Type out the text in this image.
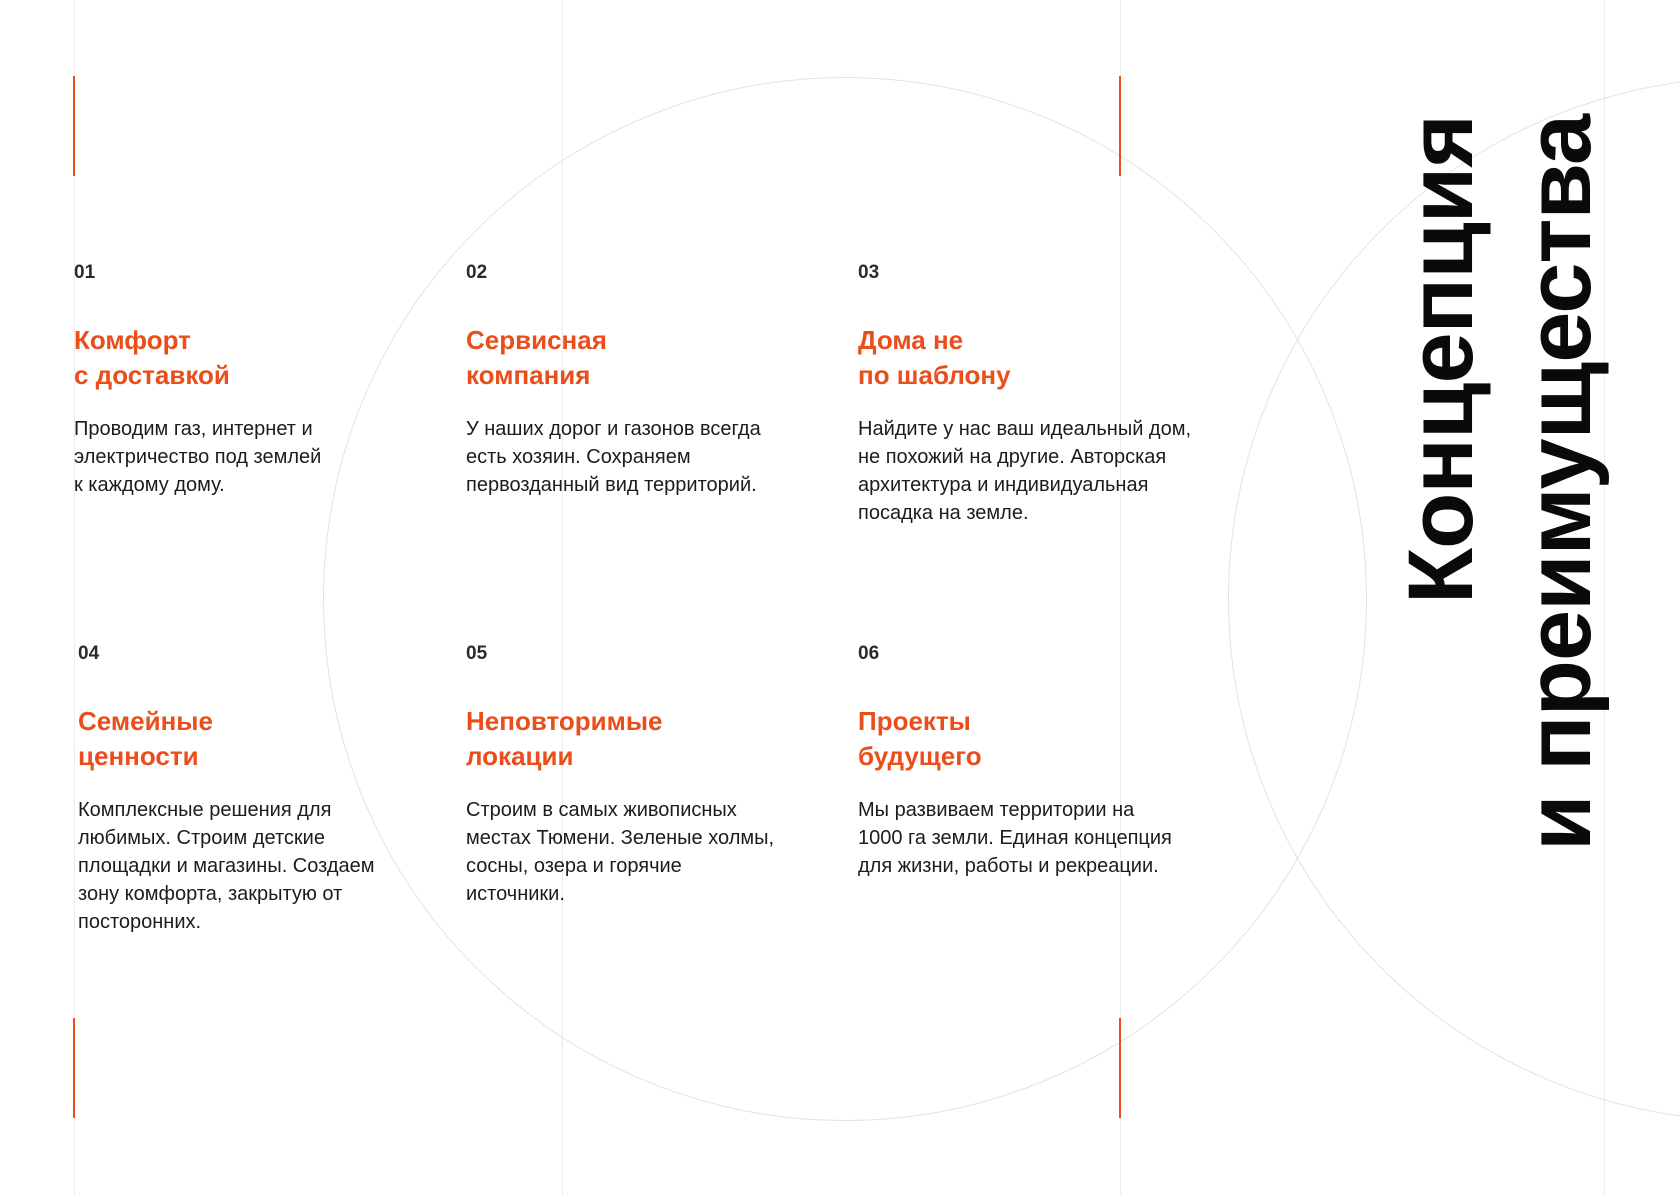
01

Комфорт
с доставкой

Проводим газ, интернет и
электричество под землей
к каждому дому.

02

Сервисная
компания

У наших дорог и газонов всегда
есть хозяин. Сохраняем
первозданный вид территорий.

03

Дома не
по шаблону

Найдите у нас ваш идеальный дом,
не похожий на другие. Авторская
архитектура и индивидуальная
посадка на земле.

04

Семейные
ценности

Комплексные решения для
любимых. Строим детские
площадки и магазины. Создаем
зону комфорта, закрытую от
посторонних.

05

Неповторимые
локации

Строим в самых живописных
местах Тюмени. Зеленые холмы,
сосны, озера и горячие
источники.

06

Проекты
будущего

Мы развиваем территории на
1000 га земли. Единая концепция
для жизни, работы и рекреации.

Концепция и преимущества
